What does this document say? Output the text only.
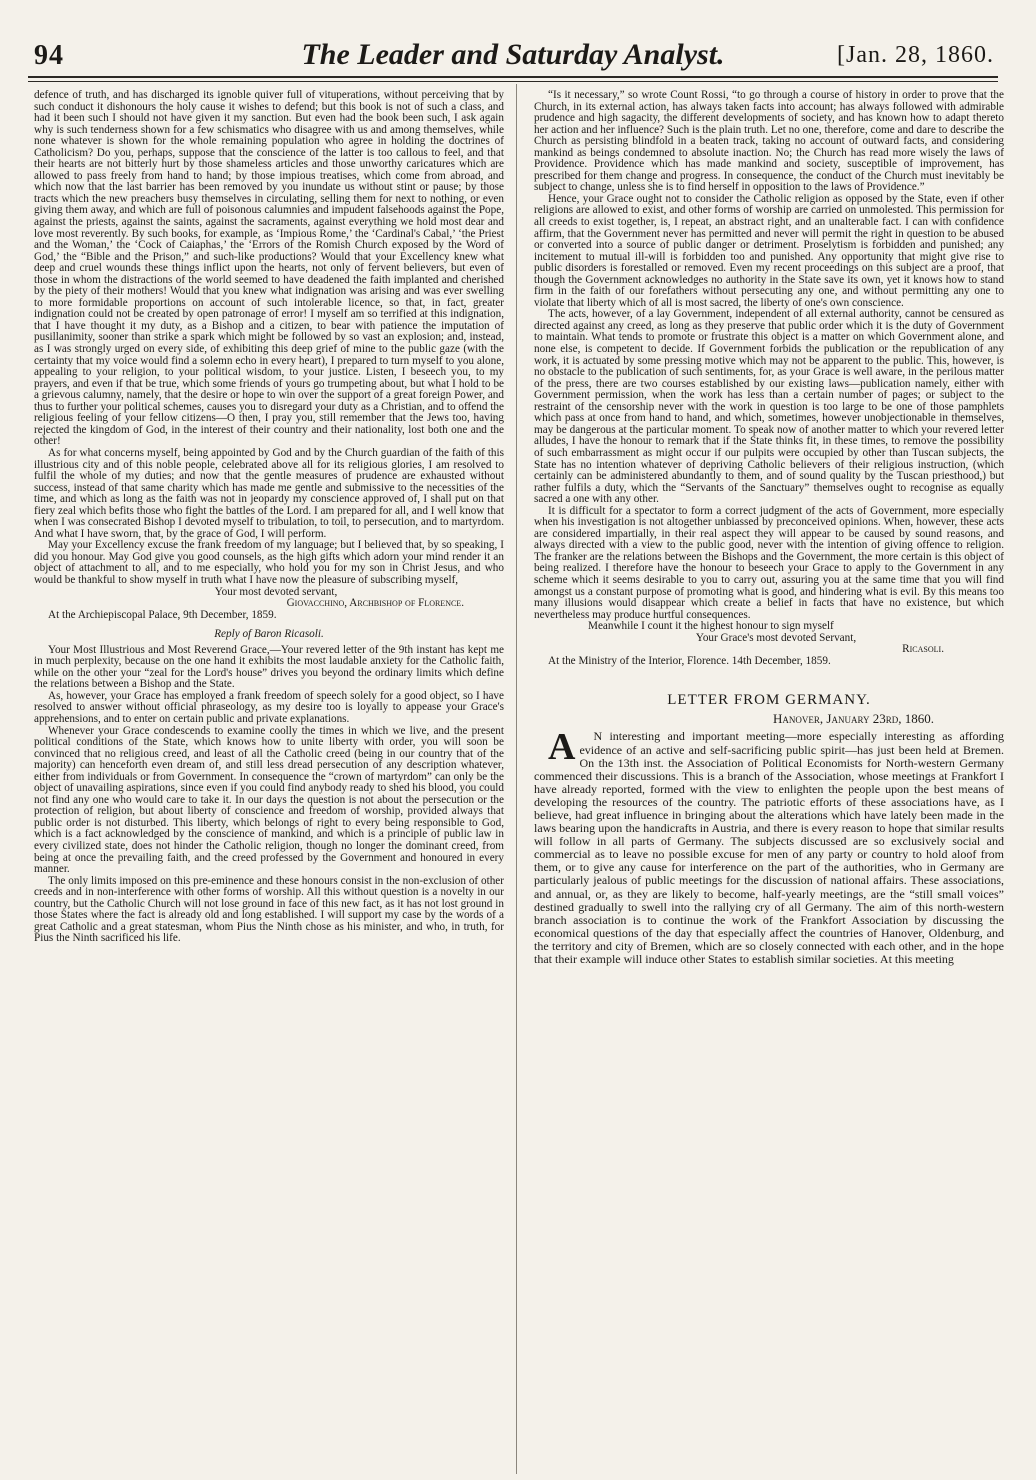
94	The Leader and Saturday Analyst.	[Jan. 28, 1860.

defence of truth, and has discharged its ignoble quiver full of vituperations, without perceiving that by such conduct it dishonours the holy cause it wishes to defend; but this book is not of such a class, and had it been such I should not have given it my sanction. But even had the book been such, I ask again why is such tenderness shown for a few schismatics who disagree with us and among themselves, while none whatever is shown for the whole remaining population who agree in holding the doctrines of Catholicism? Do you, perhaps, suppose that the conscience of the latter is too callous to feel, and that their hearts are not bitterly hurt by those shameless articles and those unworthy caricatures which are allowed to pass freely from hand to hand; by those impious treatises, which come from abroad, and which now that the last barrier has been removed by you inundate us without stint or pause; by those tracts which the new preachers busy themselves in circulating, selling them for next to nothing, or even giving them away, and which are full of poisonous calumnies and impudent falsehoods against the Pope, against the priests, against the saints, against the sacraments, against everything we hold most dear and love most reverently. By such books, for example, as ‘Impious Rome,’ the ‘Cardinal's Cabal,’ ‘the Priest and the Woman,’ the ‘Cock of Caiaphas,’ the ‘Errors of the Romish Church exposed by the Word of God,’ the “Bible and the Prison,” and such-like productions? Would that your Excellency knew what deep and cruel wounds these things inflict upon the hearts, not only of fervent believers, but even of those in whom the distractions of the world seemed to have deadened the faith implanted and cherished by the piety of their mothers! Would that you knew what indignation was arising and was ever swelling to more formidable proportions on account of such intolerable licence, so that, in fact, greater indignation could not be created by open patronage of error! I myself am so terrified at this indignation, that I have thought it my duty, as a Bishop and a citizen, to bear with patience the imputation of pusillanimity, sooner than strike a spark which might be followed by so vast an explosion; and, instead, as I was strongly urged on every side, of exhibiting this deep grief of mine to the public gaze (with the certainty that my voice would find a solemn echo in every heart), I prepared to turn myself to you alone, appealing to your religion, to your political wisdom, to your justice. Listen, I beseech you, to my prayers, and even if that be true, which some friends of yours go trumpeting about, but what I hold to be a grievous calumny, namely, that the desire or hope to win over the support of a great foreign Power, and thus to further your political schemes, causes you to disregard your duty as a Christian, and to offend the religious feeling of your fellow citizens—O then, I pray you, still remember that the Jews too, having rejected the kingdom of God, in the interest of their country and their nationality, lost both one and the other!

As for what concerns myself, being appointed by God and by the Church guardian of the faith of this illustrious city and of this noble people, celebrated above all for its religious glories, I am resolved to fulfil the whole of my duties; and now that the gentle measures of prudence are exhausted without success, instead of that same charity which has made me gentle and submissive to the necessities of the time, and which as long as the faith was not in jeopardy my conscience approved of, I shall put on that fiery zeal which befits those who fight the battles of the Lord. I am prepared for all, and I well know that when I was consecrated Bishop I devoted myself to tribulation, to toil, to persecution, and to martyrdom. And what I have sworn, that, by the grace of God, I will perform.

May your Excellency excuse the frank freedom of my language; but I believed that, by so speaking, I did you honour. May God give you good counsels, as the high gifts which adorn your mind render it an object of attachment to all, and to me especially, who hold you for my son in Christ Jesus, and who would be thankful to show myself in truth what I have now the pleasure of subscribing myself,

Your most devoted servant,

Giovacchino, Archbishop of Florence.

At the Archiepiscopal Palace, 9th December, 1859.

Reply of Baron Ricasoli.

Your Most Illustrious and Most Reverend Grace,—Your revered letter of the 9th instant has kept me in much perplexity, because on the one hand it exhibits the most laudable anxiety for the Catholic faith, while on the other your “zeal for the Lord's house” drives you beyond the ordinary limits which define the relations between a Bishop and the State.

As, however, your Grace has employed a frank freedom of speech solely for a good object, so I have resolved to answer without official phraseology, as my desire too is loyally to appease your Grace's apprehensions, and to enter on certain public and private explanations.

Whenever your Grace condescends to examine coolly the times in which we live, and the present political conditions of the State, which knows how to unite liberty with order, you will soon be convinced that no religious creed, and least of all the Catholic creed (being in our country that of the majority) can henceforth even dream of, and still less dread persecution of any description whatever, either from individuals or from Government. In consequence the “crown of martyrdom” can only be the object of unavailing aspirations, since even if you could find anybody ready to shed his blood, you could not find any one who would care to take it. In our days the question is not about the persecution or the protection of religion, but about liberty of conscience and freedom of worship, provided always that public order is not disturbed. This liberty, which belongs of right to every being responsible to God, which is a fact acknowledged by the conscience of mankind, and which is a principle of public law in every civilized state, does not hinder the Catholic religion, though no longer the dominant creed, from being at once the prevailing faith, and the creed professed by the Government and honoured in every manner.

The only limits imposed on this pre-eminence and these honours consist in the non-exclusion of other creeds and in non-interference with other forms of worship. All this without question is a novelty in our country, but the Catholic Church will not lose ground in face of this new fact, as it has not lost ground in those States where the fact is already old and long established. I will support my case by the words of a great Catholic and a great statesman, whom Pius the Ninth chose as his minister, and who, in truth, for Pius the Ninth sacrificed his life.

“Is it necessary,” so wrote Count Rossi, “to go through a course of history in order to prove that the Church, in its external action, has always taken facts into account; has always followed with admirable prudence and high sagacity, the different developments of society, and has known how to adapt thereto her action and her influence? Such is the plain truth. Let no one, therefore, come and dare to describe the Church as persisting blindfold in a beaten track, taking no account of outward facts, and considering mankind as beings condemned to absolute inaction. No; the Church has read more wisely the laws of Providence. Providence which has made mankind and society, susceptible of improvement, has prescribed for them change and progress. In consequence, the conduct of the Church must inevitably be subject to change, unless she is to find herself in opposition to the laws of Providence.”

Hence, your Grace ought not to consider the Catholic religion as opposed by the State, even if other religions are allowed to exist, and other forms of worship are carried on unmolested. This permission for all creeds to exist together, is, I repeat, an abstract right, and an unalterable fact. I can with confidence affirm, that the Government never has permitted and never will permit the right in question to be abused or converted into a source of public danger or detriment. Proselytism is forbidden and punished; any incitement to mutual ill-will is forbidden too and punished. Any opportunity that might give rise to public disorders is forestalled or removed. Even my recent proceedings on this subject are a proof, that though the Government acknowledges no authority in the State save its own, yet it knows how to stand firm in the faith of our forefathers without persecuting any one, and without permitting any one to violate that liberty which of all is most sacred, the liberty of one's own conscience.

The acts, however, of a lay Government, independent of all external authority, cannot be censured as directed against any creed, as long as they preserve that public order which it is the duty of Government to maintain. What tends to promote or frustrate this object is a matter on which Government alone, and none else, is competent to decide. If Government forbids the publication or the republication of any work, it is actuated by some pressing motive which may not be apparent to the public. This, however, is no obstacle to the publication of such sentiments, for, as your Grace is well aware, in the perilous matter of the press, there are two courses established by our existing laws—publication namely, either with Government permission, when the work has less than a certain number of pages; or subject to the restraint of the censorship never with the work in question is too large to be one of those pamphlets which pass at once from hand to hand, and which, sometimes, however unobjectionable in themselves, may be dangerous at the particular moment. To speak now of another matter to which your revered letter alludes, I have the honour to remark that if the State thinks fit, in these times, to remove the possibility of such embarrassment as might occur if our pulpits were occupied by other than Tuscan subjects, the State has no intention whatever of depriving Catholic believers of their religious instruction, (which certainly can be administered abundantly to them, and of sound quality by the Tuscan priesthood,) but rather fulfils a duty, which the “Servants of the Sanctuary” themselves ought to recognise as equally sacred a one with any other.

It is difficult for a spectator to form a correct judgment of the acts of Government, more especially when his investigation is not altogether unbiassed by preconceived opinions. When, however, these acts are considered impartially, in their real aspect they will appear to be caused by sound reasons, and always directed with a view to the public good, never with the intention of giving offence to religion. The franker are the relations between the Bishops and the Government, the more certain is this object of being realized. I therefore have the honour to beseech your Grace to apply to the Government in any scheme which it seems desirable to you to carry out, assuring you at the same time that you will find amongst us a constant purpose of promoting what is good, and hindering what is evil. By this means too many illusions would disappear which create a belief in facts that have no existence, but which nevertheless may produce hurtful consequences.

Meanwhile I count it the highest honour to sign myself

Your Grace's most devoted Servant,

Ricasoli.

At the Ministry of the Interior, Florence. 14th December, 1859.

LETTER FROM GERMANY.
Hanover, January 23rd, 1860.

A N interesting and important meeting—more especially interesting as affording evidence of an active and self-sacrificing public spirit—has just been held at Bremen. On the 13th inst. the Association of Political Economists for North-western Germany commenced their discussions. This is a branch of the Association, whose meetings at Frankfort I have already reported, formed with the view to enlighten the people upon the best means of developing the resources of the country. The patriotic efforts of these associations have, as I believe, had great influence in bringing about the alterations which have lately been made in the laws bearing upon the handicrafts in Austria, and there is every reason to hope that similar results will follow in all parts of Germany. The subjects discussed are so exclusively social and commercial as to leave no possible excuse for men of any party or country to hold aloof from them, or to give any cause for interference on the part of the authorities, who in Germany are particularly jealous of public meetings for the discussion of national affairs. These associations, and annual, or, as they are likely to become, half-yearly meetings, are the “still small voices” destined gradually to swell into the rallying cry of all Germany. The aim of this north-western branch association is to continue the work of the Frankfort Association by discussing the economical questions of the day that especially affect the countries of Hanover, Oldenburg, and the territory and city of Bremen, which are so closely connected with each other, and in the hope that their example will induce other States to establish similar societies. At this meeting
